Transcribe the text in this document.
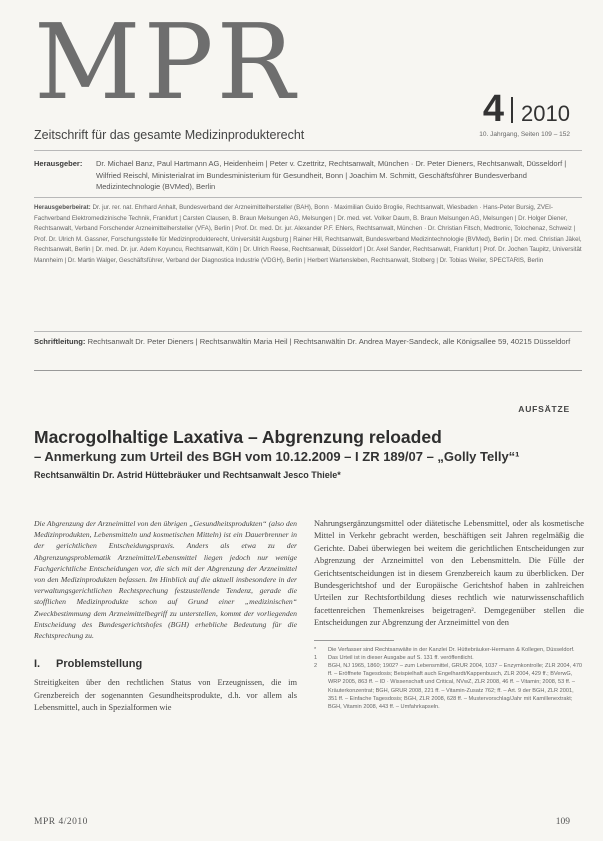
MPR	4 2010
Zeitschrift für das gesamte Medizinprodukterecht	10. Jahrgang, Seiten 109 – 152
Herausgeber:	Dr. Michael Banz, Paul Hartmann AG, Heidenheim | Peter v. Czettritz, Rechtsanwalt, München · Dr. Peter Dieners, Rechtsanwalt, Düsseldorf | Wilfried Reischl, Ministerialrat im Bundesministerium für Gesundheit, Bonn | Joachim M. Schmitt, Geschäftsführer Bundesverband Medizintechnologie (BVMed), Berlin
Herausgeberbeirat: Dr. jur. rer. nat. Ehrhard Anhalt, Bundesverband der Arzneimittelhersteller (BAH), Bonn · Maximilian Guido Broglie, Rechtsanwalt, Wiesbaden · Hans-Peter Bursig, ZVEI-Fachverband Elektromedizinische Technik, Frankfurt | Carsten Clausen, B. Braun Melsungen AG, Melsungen | Dr. med. vet. Volker Daum, B. Braun Melsungen AG, Melsungen | Dr. Holger Diener, Rechtsanwalt, Verband Forschender Arzneimittelhersteller (VFA), Berlin | Prof. Dr. med. Dr. jur. Alexander P.F. Ehlers, Rechtsanwalt, München · Dr. Christian Fitsch, Medtronic, Tolochenaz, Schweiz | Prof. Dr. Ulrich M. Gassner, Forschungsstelle für Medizinprodukterecht, Universität Augsburg | Rainer Hill, Rechtsanwalt, Bundesverband Medizintechnologie (BVMed), Berlin | Dr. med. Christian Jäkel, Rechtsanwalt, Berlin | Dr. med. Dr. jur. Adem Koyuncu, Rechtsanwalt, Köln | Dr. Ulrich Reese, Rechtsanwalt, Düsseldorf | Dr. Axel Sander, Rechtsanwalt, Frankfurt | Prof. Dr. Jochen Taupitz, Universität Mannheim | Dr. Martin Walger, Geschäftsführer, Verband der Diagnostica Industrie (VDGH), Berlin | Herbert Wartensleben, Rechtsanwalt, Stolberg | Dr. Tobias Weiler, SPECTARIS, Berlin
Schriftleitung: Rechtsanwalt Dr. Peter Dieners | Rechtsanwältin Maria Heil | Rechtsanwältin Dr. Andrea Mayer-Sandeck, alle Königsallee 59, 40215 Düsseldorf
AUFSÄTZE
Macrogolhaltige Laxativa – Abgrenzung reloaded
– Anmerkung zum Urteil des BGH vom 10.12.2009 – I ZR 189/07 – „Golly Telly“¹
Rechtsanwältin Dr. Astrid Hüttebräuker und Rechtsanwalt Jesco Thiele*
Die Abgrenzung der Arzneimittel von den übrigen „Gesundheitsprodukten“ (also den Medizinprodukten, Lebensmitteln und kosmetischen Mitteln) ist ein Dauerbrenner in der gerichtlichen Entscheidungspraxis. Anders als etwa zu der Abgrenzungsproblematik Arzneimittel/Lebensmittel liegen jedoch nur wenige Fachgerichtliche Entscheidungen vor, die sich mit der Abgrenzung der Arzneimittel von den Medizinprodukten befassen. Im Hinblick auf die aktuell insbesondere in der verwaltungsgerichtlichen Rechtsprechung festzustellende Tendenz, gerade die stofflichen Medizinprodukte schon auf Grund einer „medizinischen“ Zweckbestimmung dem Arzneimittelbegriff zu unterstellen, kommt der vorliegenden Entscheidung des Bundesgerichtshofes (BGH) erhebliche Bedeutung für die Rechtsprechung zu.
I. Problemstellung
Streitigkeiten über den rechtlichen Status von Erzeugnissen, die im Grenzbereich der sogenannten Gesundheitsprodukte, d.h. vor allem als Lebensmittel, auch in Spezialformen wie
Nahrungsergänzungsmittel oder diätetische Lebensmittel, oder als kosmetische Mittel in Verkehr gebracht werden, beschäftigen seit Jahren regelmäßig die Gerichte. Dabei überwiegen bei weitem die gerichtlichen Entscheidungen zur Abgrenzung der Arzneimittel von den Lebensmitteln. Die Fülle der Gerichtsentscheidungen ist in diesem Grenzbereich kaum zu überblicken. Der Bundesgerichtshof und der Europäische Gerichtshof haben in zahlreichen Urteilen zur Rechtsfortbildung dieses rechtlich wie naturwissenschaftlich facettenreichen Themenkreises beigetragen². Demgegenüber stellen die Entscheidungen zur Abgrenzung der Arzneimittel von den
*	Die Verfasser sind Rechtsanwälte in der Kanzlei Dr. Hüttebräuker-Hermann & Kollegen, Düsseldorf.
1	Das Urteil ist in dieser Ausgabe auf S. 131 ff. veröffentlicht.
2	BGH, NJ 1965, 1860; 1902? – zum Lebensmittel, GRUR 2004, 1037 – Enzymkontrolle; ZLR 2004, 470 ff. – Eröffnete Tagesdosis; Beispielhaft auch Engelhardt/Kappenbusch, ZLR 2004, 429 ff.; BVerwG, WRP 2005, 863 ff. – ID · Wissenschaft und Critical, NVwZ, ZLR 2008, 46 ff. – Vitamin; 2008, 53 ff. – Kräuterkonzentrat; BGH, GRUR 2008, 221 ff. – Vitamin-Zusatz 762; ff. – Art. 9 der BGH, ZLR 2001, 351 ff. – Einfache Tagesdosis; BGH, ZLR 2008, 628 ff. – Mustervorschlag/Jahr mit Kamillenextrakt; BGH, Vitamin 2008, 443 ff. – Umfahrkapseln.
MPR 4/2010	109
